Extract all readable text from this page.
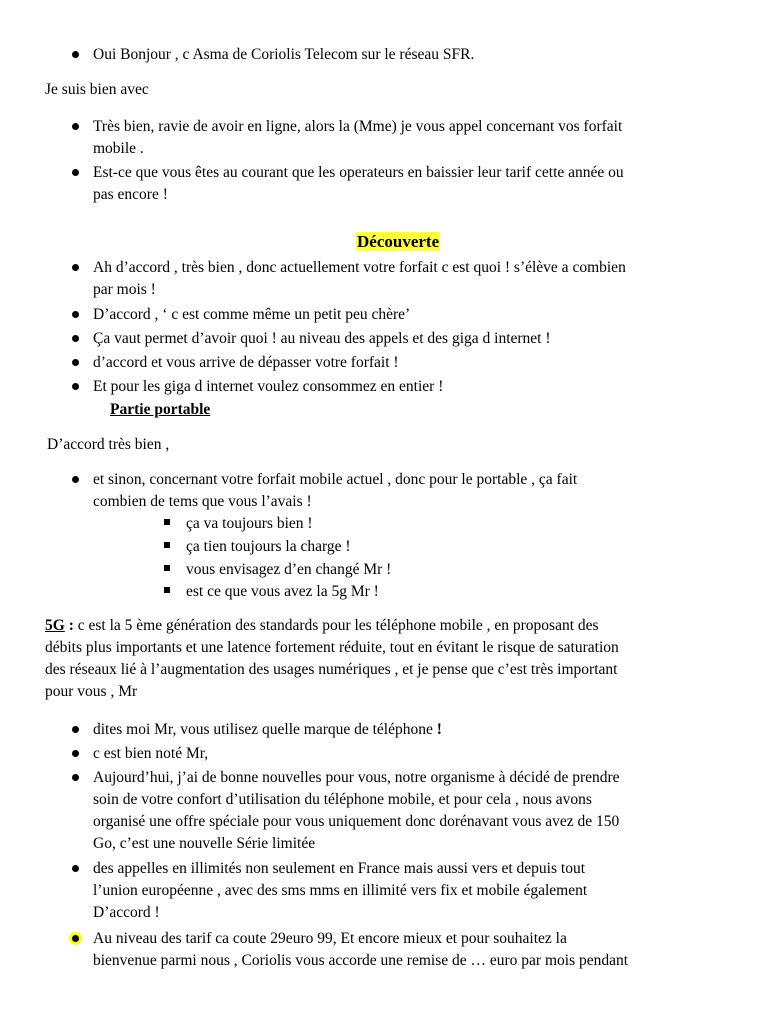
Oui Bonjour , c Asma de Coriolis Telecom sur le réseau SFR.
Je suis bien avec
Très bien, ravie de avoir en ligne, alors la (Mme) je vous appel concernant vos forfait
mobile .
Est-ce que vous êtes au courant que les operateurs en baissier leur tarif cette année ou
pas encore !
Découverte
Ah d’accord , très bien , donc actuellement votre forfait c est quoi ! s’élève a combien
par mois !
D’accord , ‘ c est comme même un petit peu chère’
Ça vaut permet d’avoir quoi ! au niveau des appels et des giga d internet !
d’accord et vous arrive de dépasser votre forfait !
Et pour les giga d internet voulez consommez en entier !
Partie portable
D’accord très bien ,
et sinon, concernant votre forfait mobile actuel , donc pour le portable , ça fait
combien de tems que vous l’avais !
ça va toujours bien !
ça tien toujours la charge !
vous envisagez d’en changé Mr !
est ce que vous avez la 5g Mr !
5G : c est la 5 ème génération des standards pour les téléphone mobile , en proposant des
débits plus importants et une latence fortement réduite, tout en évitant le risque de saturation
des réseaux lié à l’augmentation des usages numériques , et je pense que c’est très important
pour vous , Mr
dites moi Mr, vous utilisez quelle marque de téléphone !
c est bien noté Mr,
Aujourd’hui, j’ai de bonne nouvelles pour vous, notre organisme à décidé de prendre
soin de votre confort d’utilisation du téléphone mobile, et pour cela , nous avons
organisé une offre spéciale pour vous uniquement donc dorénavant vous avez de 150
Go, c’est une nouvelle Série limitée
des appelles en illimités non seulement en France mais aussi vers et depuis tout
l’union européenne , avec des sms mms en illimité vers fix et mobile également
D’accord !
Au niveau des tarif ca coute 29euro 99, Et encore mieux et pour souhaitez la
bienvenue parmi nous , Coriolis vous accorde une remise de … euro par mois pendant
